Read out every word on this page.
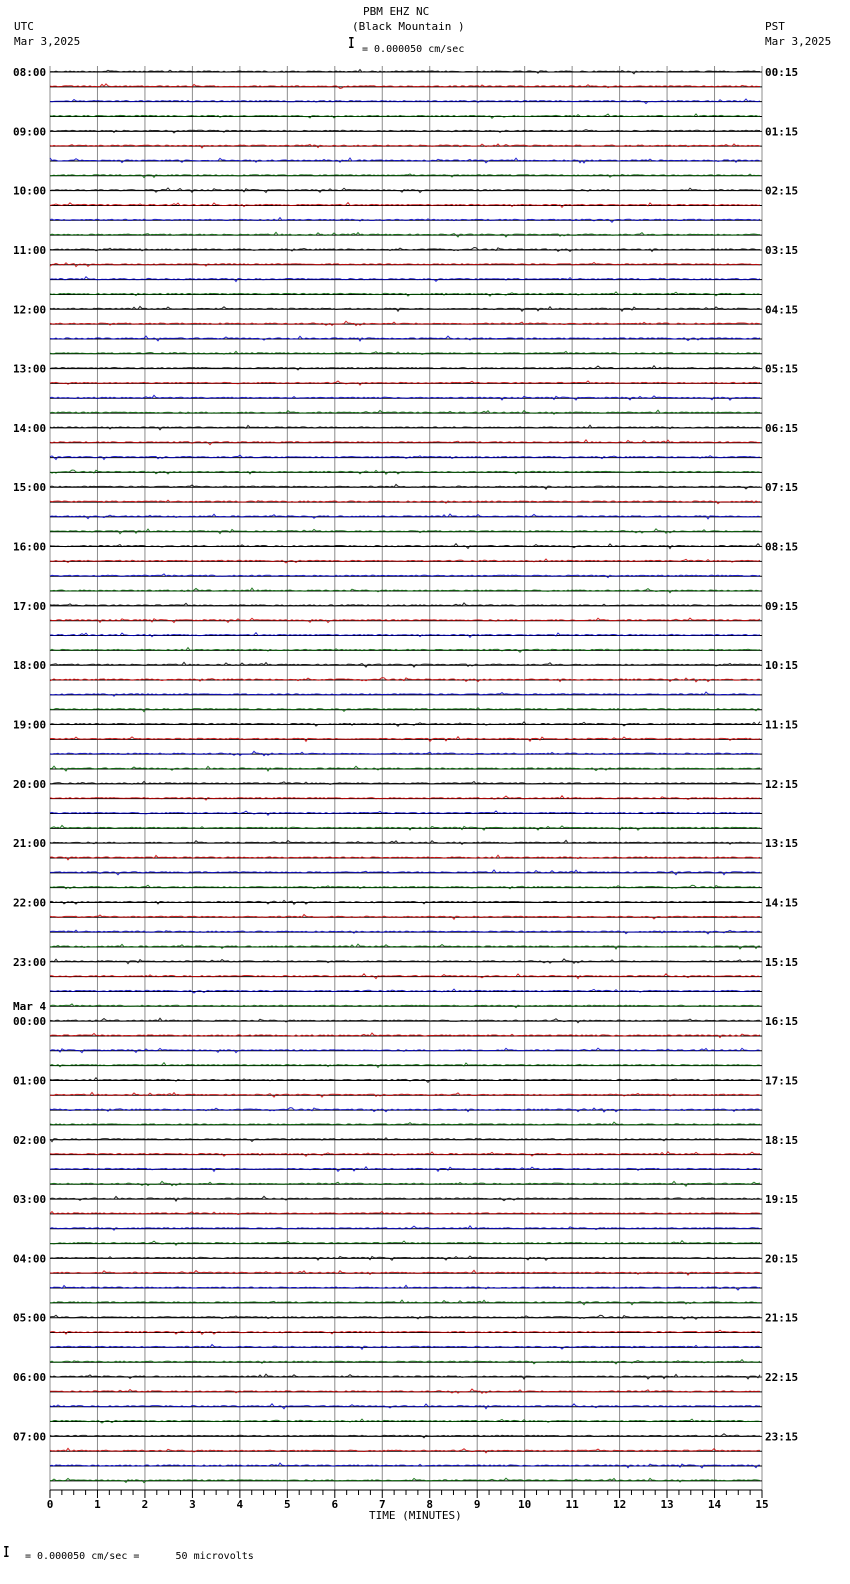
PBM EHZ NC
(Black Mountain )
UTC
Mar 3,2025
PST
Mar 3,2025
𝖨 = 0.000050 cm/sec
TIME (MINUTES)
𝖨 = 0.000050 cm/sec =      50 microvolts
08:00
09:00
10:00
11:00
12:00
13:00
14:00
15:00
16:00
17:00
18:00
19:00
20:00
21:00
22:00
23:00
Mar 4
00:00
01:00
02:00
03:00
04:00
05:00
06:00
07:00
00:15
01:15
02:15
03:15
04:15
05:15
06:15
07:15
08:15
09:15
10:15
11:15
12:15
13:15
14:15
15:15
16:15
17:15
18:15
19:15
20:15
21:15
22:15
23:15
0	1	2	3	4	5	6	7	8	9	10	11	12	13	14	15
